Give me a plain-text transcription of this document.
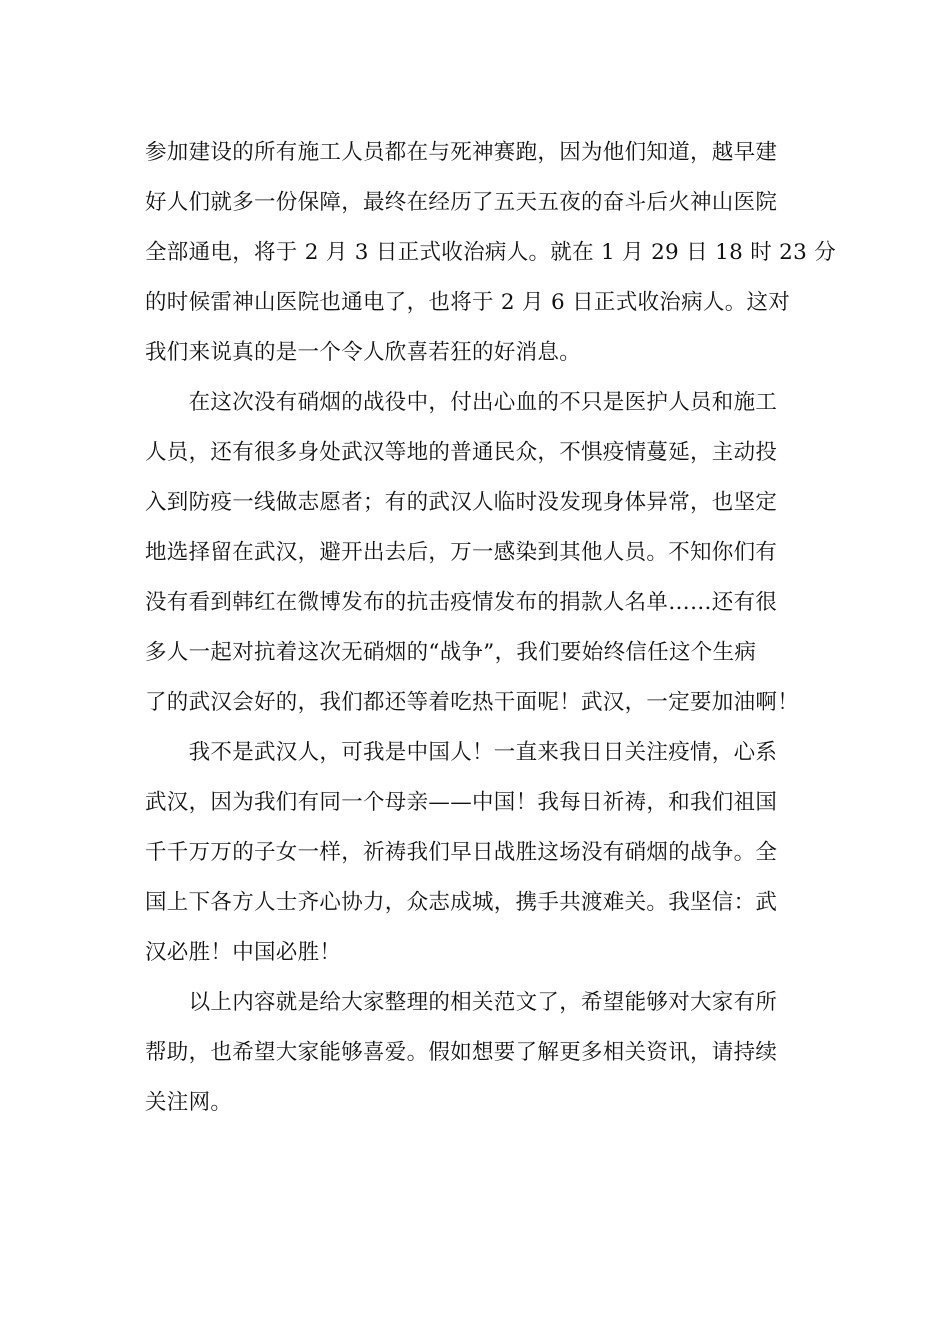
参加建设的所有施工人员都在与死神赛跑，因为他们知道，越早建
好人们就多一份保障，最终在经历了五天五夜的奋斗后火神山医院
全部通电，将于 2 月 3 日正式收治病人。就在 1 月 29 日 18 时 23 分
的时候雷神山医院也通电了，也将于 2 月 6 日正式收治病人。这对
我们来说真的是一个令人欣喜若狂的好消息。
　　在这次没有硝烟的战役中，付出心血的不只是医护人员和施工
人员，还有很多身处武汉等地的普通民众，不惧疫情蔓延，主动投
入到防疫一线做志愿者；有的武汉人临时没发现身体异常，也坚定
地选择留在武汉，避开出去后，万一感染到其他人员。不知你们有
没有看到韩红在微博发布的抗击疫情发布的捐款人名单……还有很
多人一起对抗着这次无硝烟的“战争”，我们要始终信任这个生病
了的武汉会好的，我们都还等着吃热干面呢！武汉，一定要加油啊！
　　我不是武汉人，可我是中国人！一直来我日日关注疫情，心系
武汉，因为我们有同一个母亲——中国！我每日祈祷，和我们祖国
千千万万的子女一样，祈祷我们早日战胜这场没有硝烟的战争。全
国上下各方人士齐心协力，众志成城，携手共渡难关。我坚信：武
汉必胜！中国必胜！
　　以上内容就是给大家整理的相关范文了，希望能够对大家有所
帮助，也希望大家能够喜爱。假如想要了解更多相关资讯，请持续
关注网。
